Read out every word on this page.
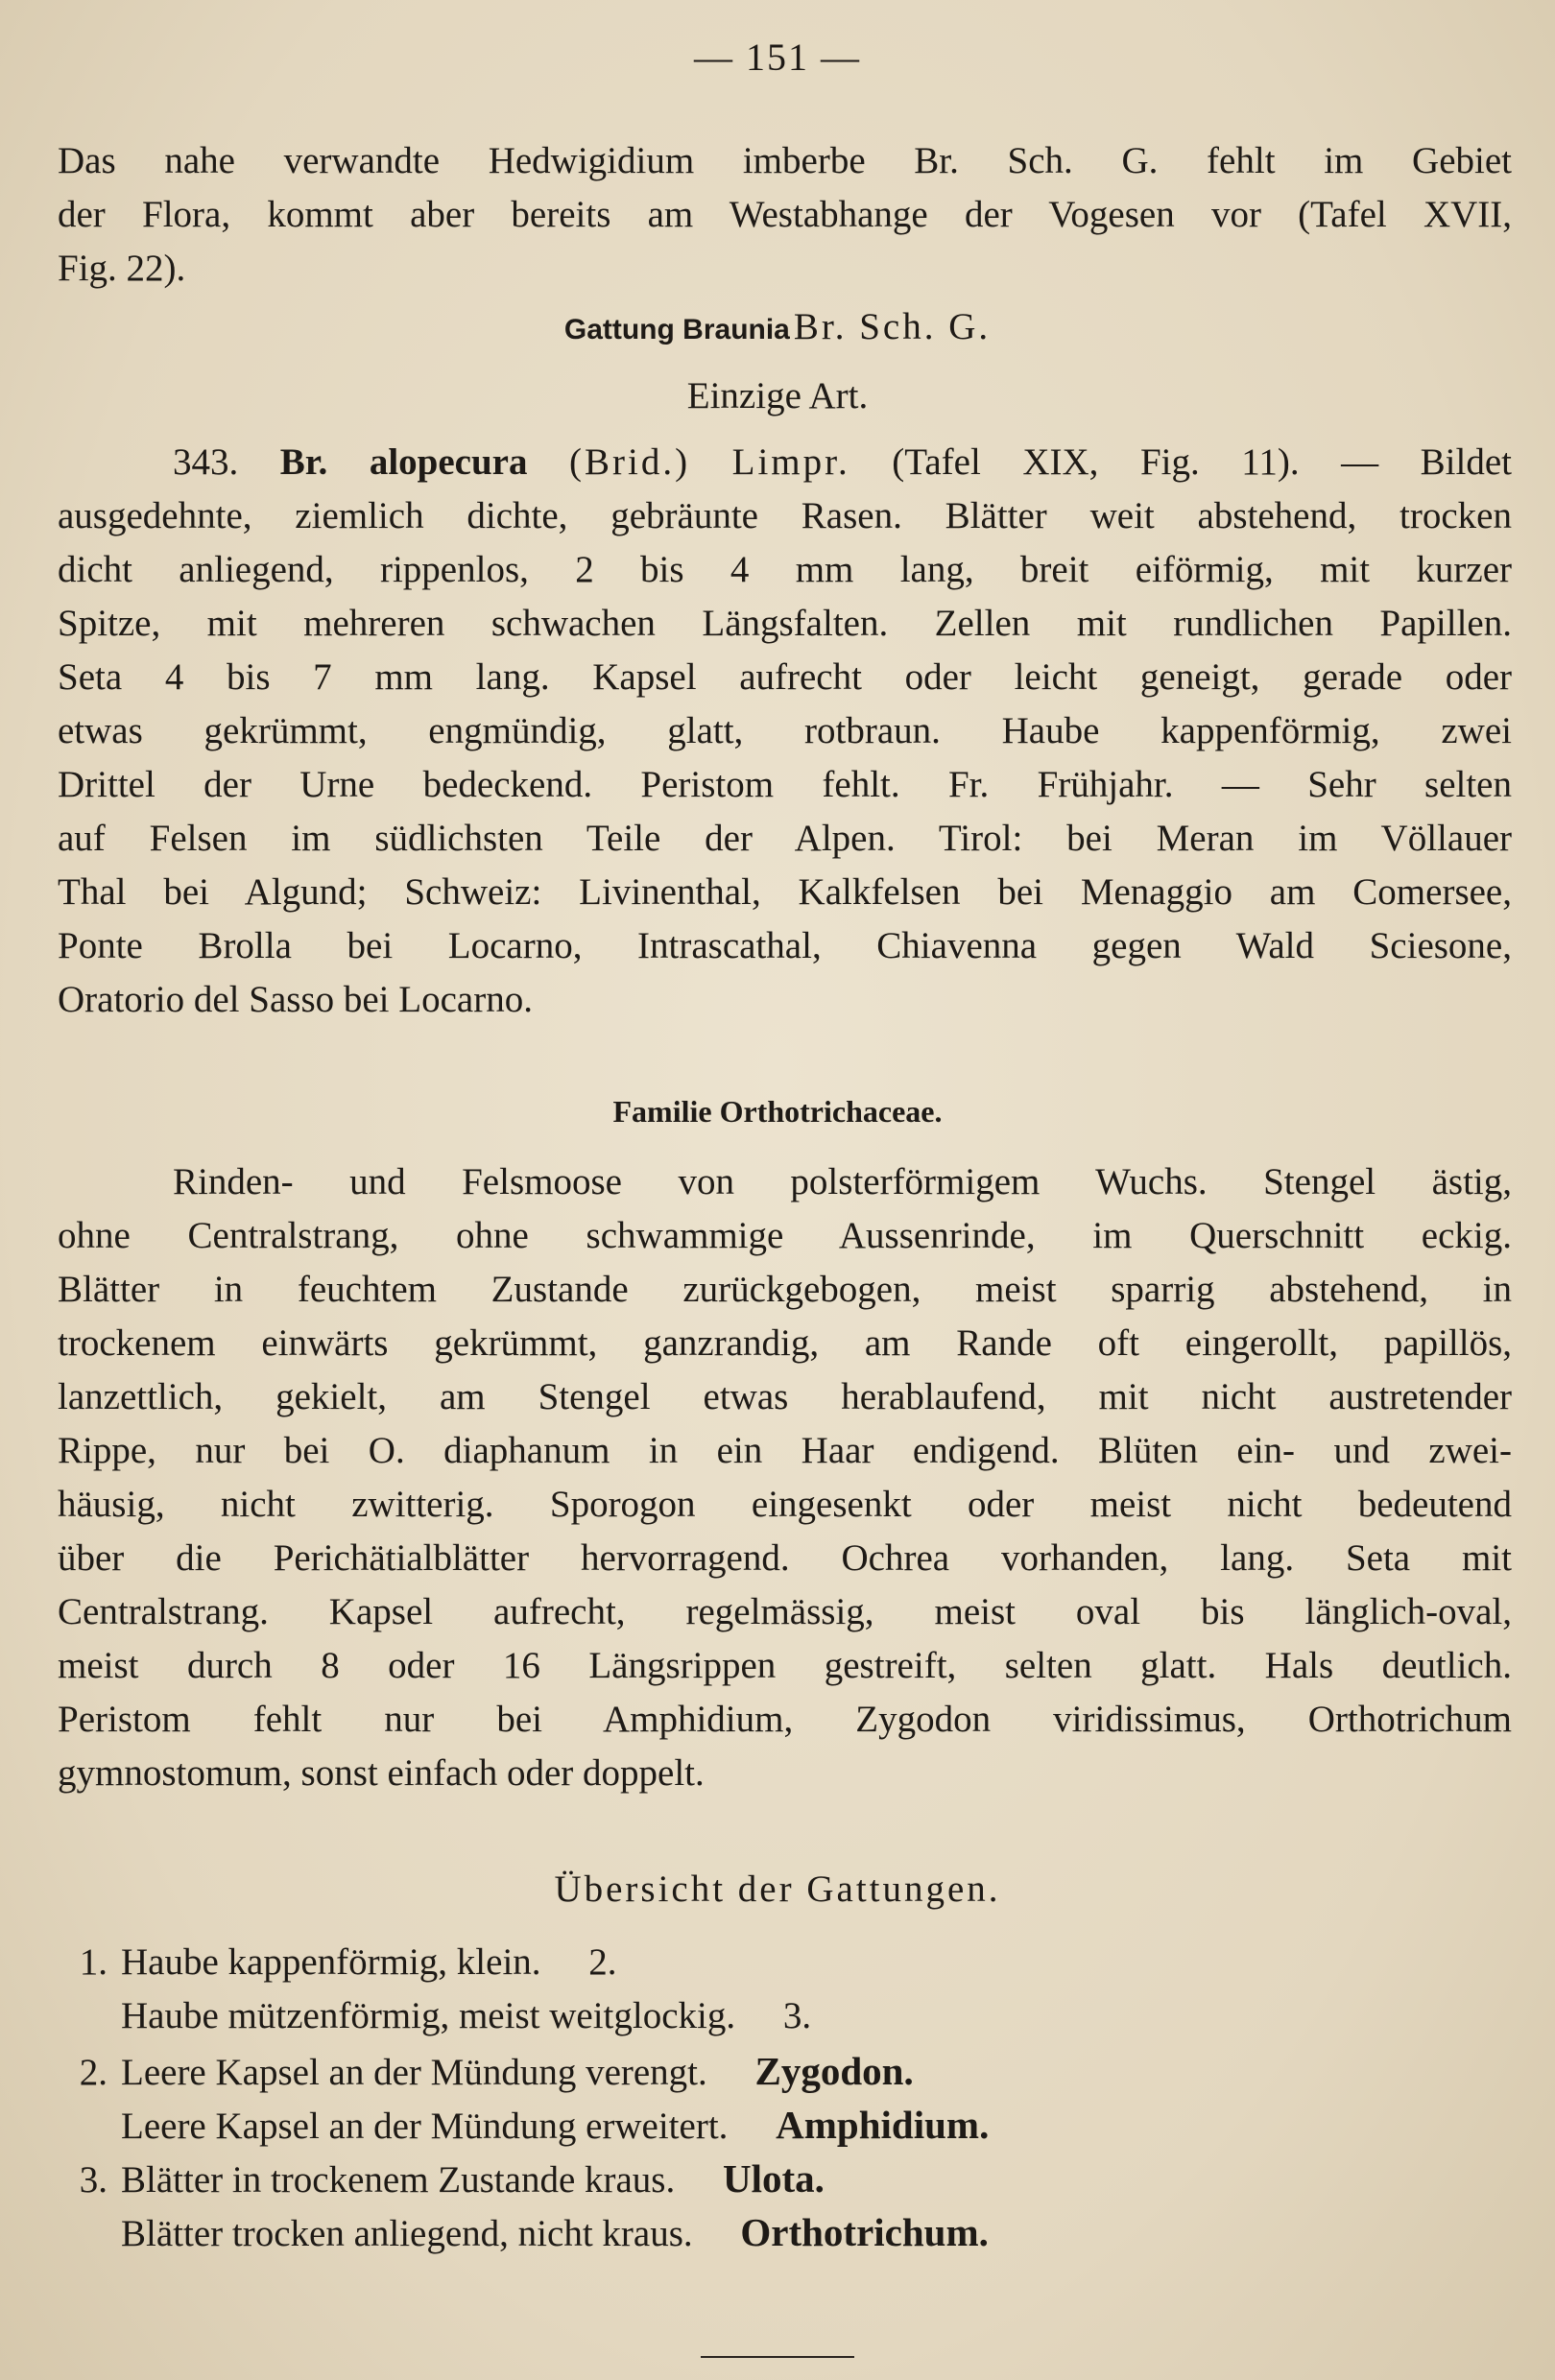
— 151 —
Das nahe verwandte Hedwigidium imberbe Br. Sch. G. fehlt im Gebiet
der Flora, kommt aber bereits am Westabhange der Vogesen vor (Tafel XVII,
Fig. 22).
Gattung Braunia Br. Sch. G.
Einzige Art.
343. Br. alopecura (Brid.) Limpr. (Tafel XIX, Fig. 11). — Bildet
ausgedehnte, ziemlich dichte, gebräunte Rasen. Blätter weit abstehend, trocken
dicht anliegend, rippenlos, 2 bis 4 mm lang, breit eiförmig, mit kurzer
Spitze, mit mehreren schwachen Längsfalten. Zellen mit rundlichen Papillen.
Seta 4 bis 7 mm lang. Kapsel aufrecht oder leicht geneigt, gerade oder
etwas gekrümmt, engmündig, glatt, rotbraun. Haube kappenförmig, zwei
Drittel der Urne bedeckend. Peristom fehlt. Fr. Frühjahr. — Sehr selten
auf Felsen im südlichsten Teile der Alpen. Tirol: bei Meran im Völlauer
Thal bei Algund; Schweiz: Livinenthal, Kalkfelsen bei Menaggio am Comersee,
Ponte Brolla bei Locarno, Intrascathal, Chiavenna gegen Wald Sciesone,
Oratorio del Sasso bei Locarno.
Familie Orthotrichaceae.
Rinden- und Felsmoose von polsterförmigem Wuchs. Stengel ästig,
ohne Centralstrang, ohne schwammige Aussenrinde, im Querschnitt eckig.
Blätter in feuchtem Zustande zurückgebogen, meist sparrig abstehend, in
trockenem einwärts gekrümmt, ganzrandig, am Rande oft eingerollt, papillös,
lanzettlich, gekielt, am Stengel etwas herablaufend, mit nicht austretender
Rippe, nur bei O. diaphanum in ein Haar endigend. Blüten ein- und zwei-
häusig, nicht zwitterig. Sporogon eingesenkt oder meist nicht bedeutend
über die Perichätialblätter hervorragend. Ochrea vorhanden, lang. Seta mit
Centralstrang. Kapsel aufrecht, regelmässig, meist oval bis länglich-oval,
meist durch 8 oder 16 Längsrippen gestreift, selten glatt. Hals deutlich.
Peristom fehlt nur bei Amphidium, Zygodon viridissimus, Orthotrichum
gymnostomum, sonst einfach oder doppelt.
Übersicht der Gattungen.
1. Haube kappenförmig, klein. 2.
Haube mützenförmig, meist weitglockig. 3.
2. Leere Kapsel an der Mündung verengt. Zygodon.
Leere Kapsel an der Mündung erweitert. Amphidium.
3. Blätter in trockenem Zustande kraus. Ulota.
Blätter trocken anliegend, nicht kraus. Orthotrichum.
